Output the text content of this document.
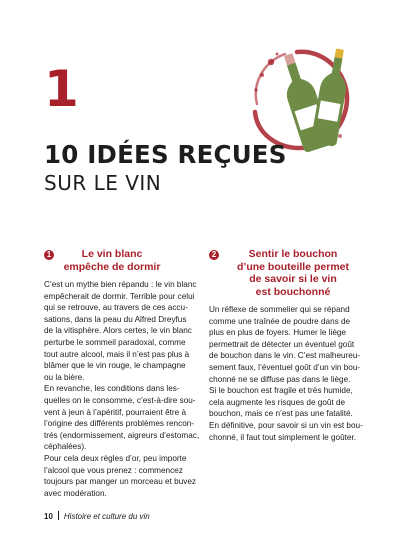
1
10 IDÉES REÇUES
SUR LE VIN
1	Le vin blanc
empêche de dormir

C’est un mythe bien répandu : le vin blanc

empêcherait de dormir. Terrible pour celui

qui se retrouve, au travers de ces accu-

sations, dans la peau du Alfred Dreyfus

de la vitisphère. Alors certes, le vin blanc

perturbe le sommeil paradoxal, comme

tout autre alcool, mais il n’est pas plus à

blâmer que le vin rouge, le champagne

ou la bière.

En revanche, les conditions dans les-

quelles on le consomme, c’est-à-dire sou-

vent à jeun à l’apéritif, pourraient être à

l’origine des différents problèmes rencon-

trés (endormissement, aigreurs d’estomac,

céphalées).

Pour cela deux règles d’or, peu importe

l’alcool que vous prenez : commencez

toujours par manger un morceau et buvez

avec modération.

2	Sentir le bouchon
d’une bouteille permet
de savoir si le vin
est bouchonné

Un réflexe de sommelier qui se répand

comme une traînée de poudre dans de

plus en plus de foyers. Humer le liège

permettrait de détecter un éventuel goût

de bouchon dans le vin. C’est malheureu-

sement faux, l’éventuel goût d’un vin bou-

chonné ne se diffuse pas dans le liège.

Si le bouchon est fragile et très humide,

cela augmente les risques de goût de

bouchon, mais ce n’est pas une fatalité.

En définitive, pour savoir si un vin est bou-

chonné, il faut tout simplement le goûter.

10 Histoire et culture du vin
